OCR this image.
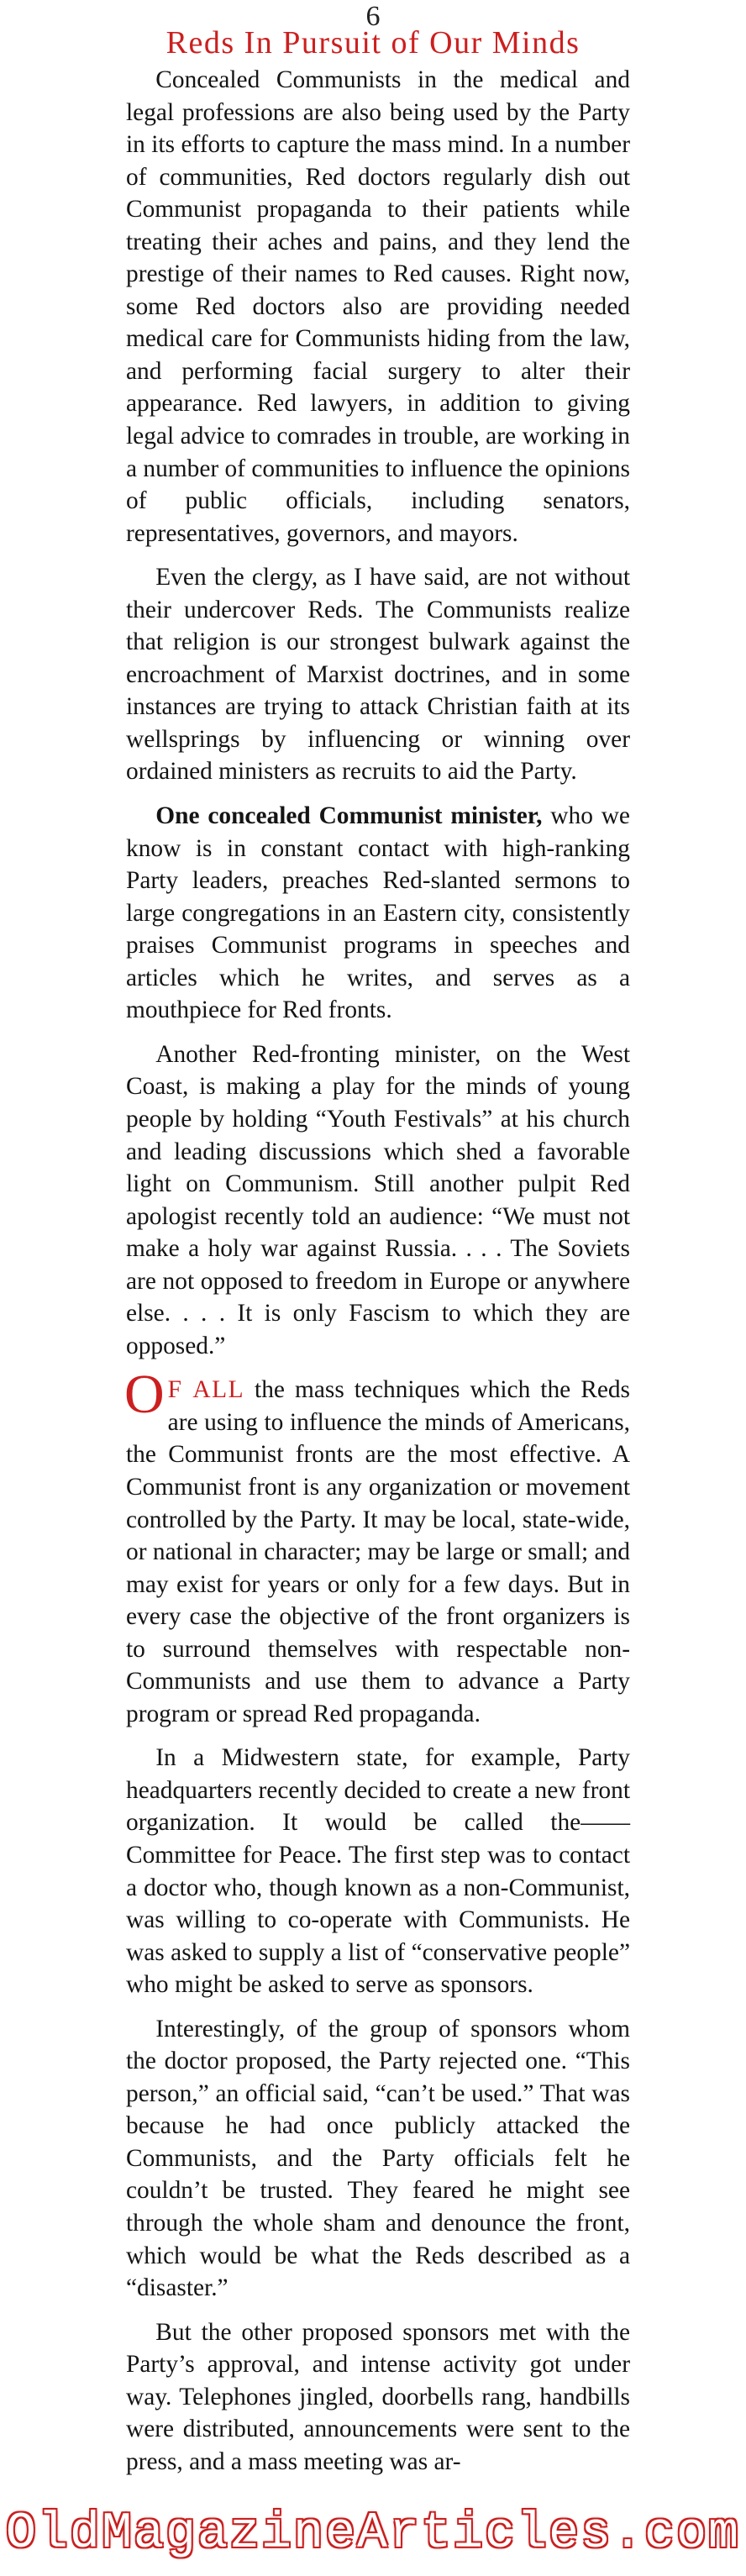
6
Reds In Pursuit of Our Minds

Concealed Communists in the medical and legal professions are also being used by the Party in its efforts to capture the mass mind. In a number of communities, Red doctors regularly dish out Communist propaganda to their patients while treating their aches and pains, and they lend the prestige of their names to Red causes. Right now, some Red doctors also are providing needed medical care for Communists hiding from the law, and performing facial surgery to alter their appearance. Red lawyers, in addition to giving legal advice to comrades in trouble, are working in a number of communities to influence the opinions of public officials, including senators, representatives, governors, and mayors.

Even the clergy, as I have said, are not without their undercover Reds. The Communists realize that religion is our strongest bulwark against the encroachment of Marxist doctrines, and in some instances are trying to attack Christian faith at its wellsprings by influencing or winning over ordained ministers as recruits to aid the Party.

One concealed Communist minister, who we know is in constant contact with high-ranking Party leaders, preaches Red-slanted sermons to large congregations in an Eastern city, consistently praises Communist programs in speeches and articles which he writes, and serves as a mouthpiece for Red fronts.

Another Red-fronting minister, on the West Coast, is making a play for the minds of young people by holding “Youth Festivals” at his church and leading discussions which shed a favorable light on Communism. Still another pulpit Red apologist recently told an audience: “We must not make a holy war against Russia. . . . The Soviets are not opposed to freedom in Europe or anywhere else. . . . It is only Fascism to which they are opposed.”

O F ALL the mass techniques which the Reds are using to influence the minds of Americans, the Communist fronts are the most effective. A Communist front is any organization or movement controlled by the Party. It may be local, state-wide, or national in character; may be large or small; and may exist for years or only for a few days. But in every case the objective of the front organizers is to surround themselves with respectable non-Communists and use them to advance a Party program or spread Red propaganda.

In a Midwestern state, for example, Party headquarters recently decided to create a new front organization. It would be called the——Committee for Peace. The first step was to contact a doctor who, though known as a non-Communist, was willing to co-operate with Communists. He was asked to supply a list of “conservative people” who might be asked to serve as sponsors.

Interestingly, of the group of sponsors whom the doctor proposed, the Party rejected one. “This person,” an official said, “can’t be used.” That was because he had once publicly attacked the Communists, and the Party officials felt he couldn’t be trusted. They feared he might see through the whole sham and denounce the front, which would be what the Reds described as a “disaster.”

But the other proposed sponsors met with the Party’s approval, and intense activity got under way. Telephones jingled, doorbells rang, handbills were distributed, announcements were sent to the press, and a mass meeting was ar-

OldMagazineArticles.com
